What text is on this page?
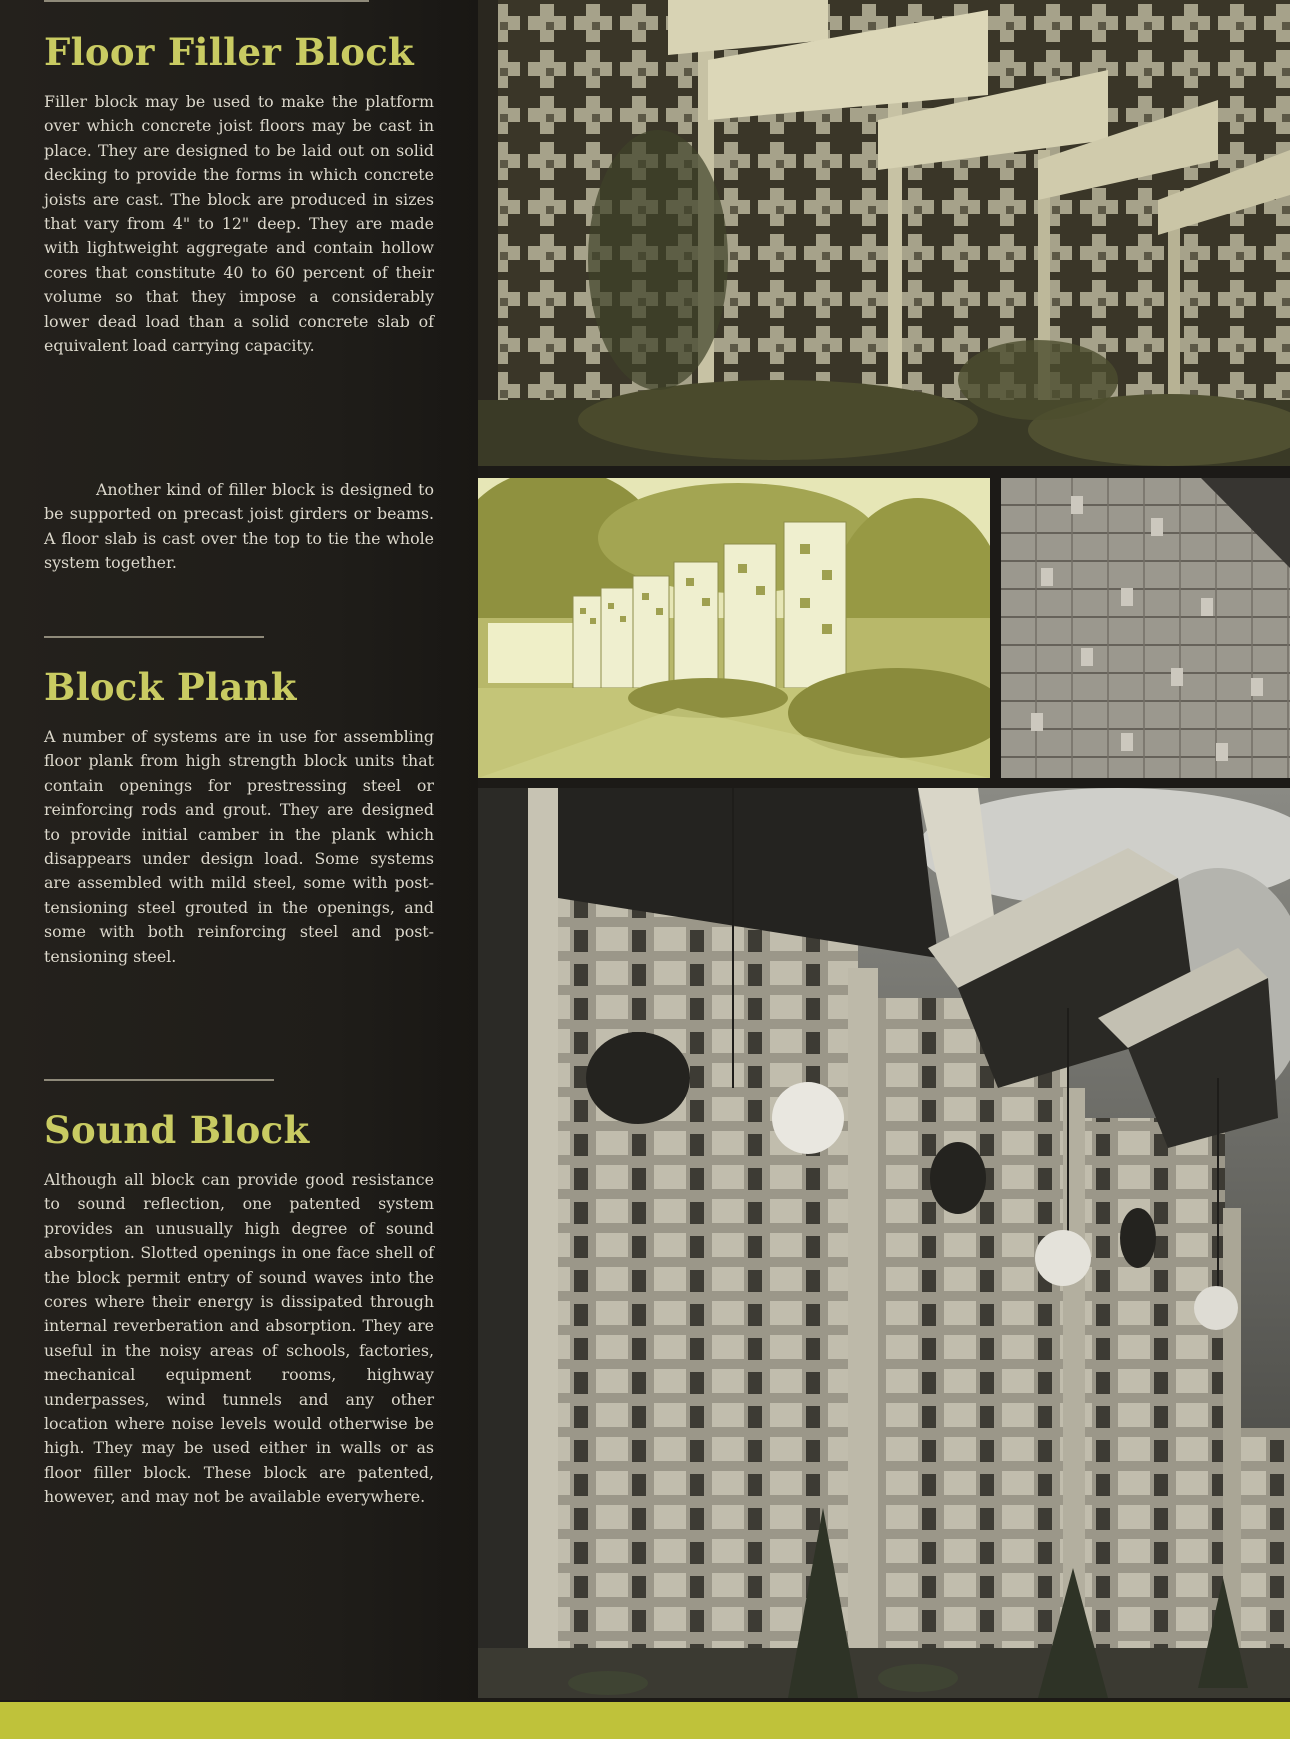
Floor Filler Block

Filler block may be used to make the platform over which concrete joist floors may be cast in place. They are designed to be laid out on solid decking to provide the forms in which concrete joists are cast. The block are produced in sizes that vary from 4" to 12" deep. They are made with lightweight aggregate and contain hollow cores that constitute 40 to 60 percent of their volume so that they impose a considerably lower dead load than a solid concrete slab of equivalent load carrying capacity.

Another kind of filler block is designed to be supported on precast joist girders or beams. A floor slab is cast over the top to tie the whole system together.

Block Plank

A number of systems are in use for assembling floor plank from high strength block units that contain openings for prestressing steel or reinforcing rods and grout. They are designed to provide initial camber in the plank which disappears under design load. Some systems are assembled with mild steel, some with post-tensioning steel grouted in the openings, and some with both reinforcing steel and post-tensioning steel.

Sound Block

Although all block can provide good resistance to sound reflection, one patented system provides an unusually high degree of sound absorption. Slotted openings in one face shell of the block permit entry of sound waves into the cores where their energy is dissipated through internal reverberation and absorption. They are useful in the noisy areas of schools, factories, mechanical equipment rooms, highway underpasses, wind tunnels and any other location where noise levels would otherwise be high. They may be used either in walls or as floor filler block. These block are patented, however, and may not be available everywhere.
